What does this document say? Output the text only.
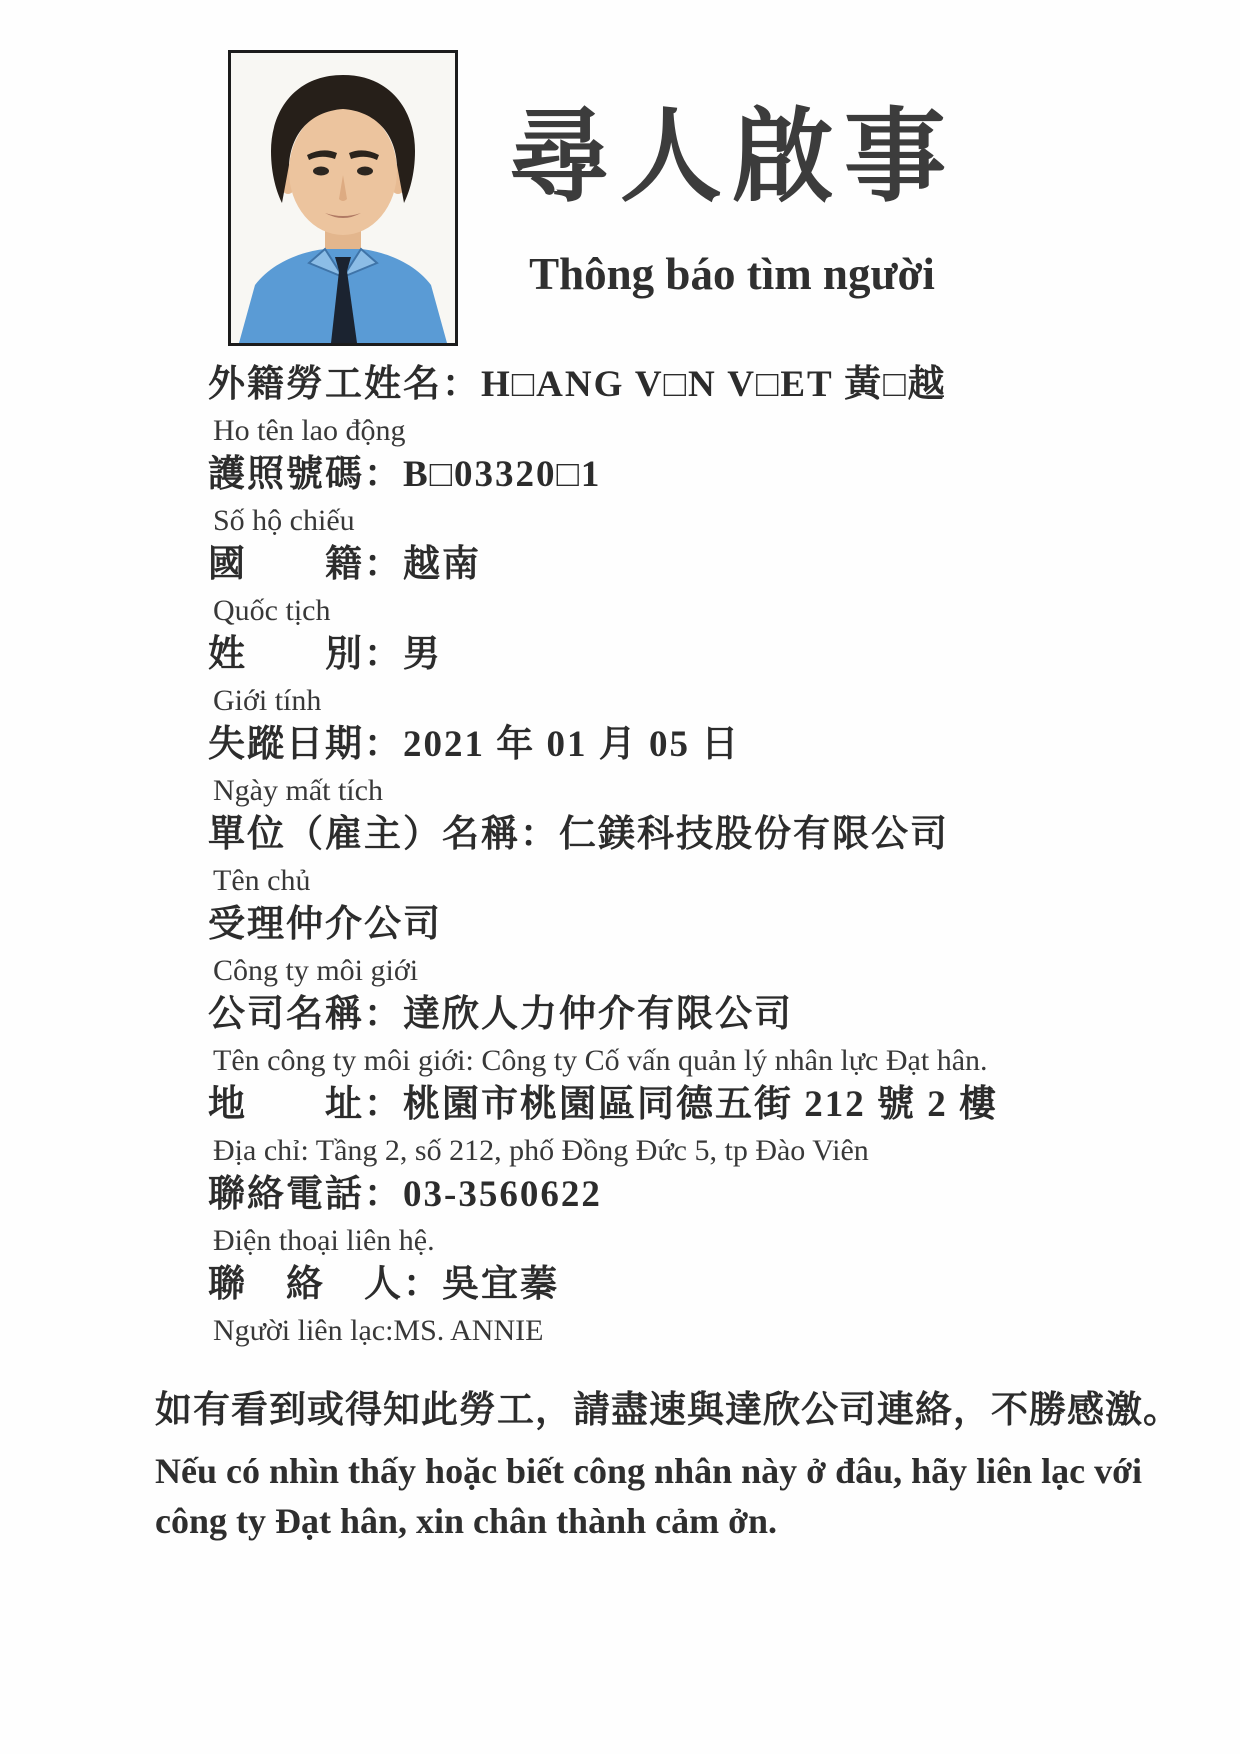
尋人啟事
Thông báo tìm người
外籍勞工姓名：H□ANG V□N V□ET 黃□越
Ho tên lao động
護照號碼：B□03320□1
Số hộ chiếu
國　　籍：越南
Quốc tịch
姓　　別：男
Giới tính
失蹤日期：2021 年 01 月 05 日
Ngày mất tích
單位（雇主）名稱：仁鎂科技股份有限公司
Tên chủ
受理仲介公司
Công ty môi giới
公司名稱：達欣人力仲介有限公司
Tên công ty môi giới: Công ty Cố vấn quản lý nhân lực Đạt hân.
地　　址：桃園市桃園區同德五街 212 號 2 樓
Địa chỉ: Tầng 2, số 212, phố Đồng Đức 5, tp Đào Viên
聯絡電話：03-3560622
Điện thoại liên hệ.
聯　絡　人：吳宜蓁
Người liên lạc:MS. ANNIE
如有看到或得知此勞工，請盡速與達欣公司連絡，不勝感激。
Nếu có nhìn thấy hoặc biết công nhân này ở đâu, hãy liên lạc với
công ty Đạt hân, xin chân thành cảm ởn.
